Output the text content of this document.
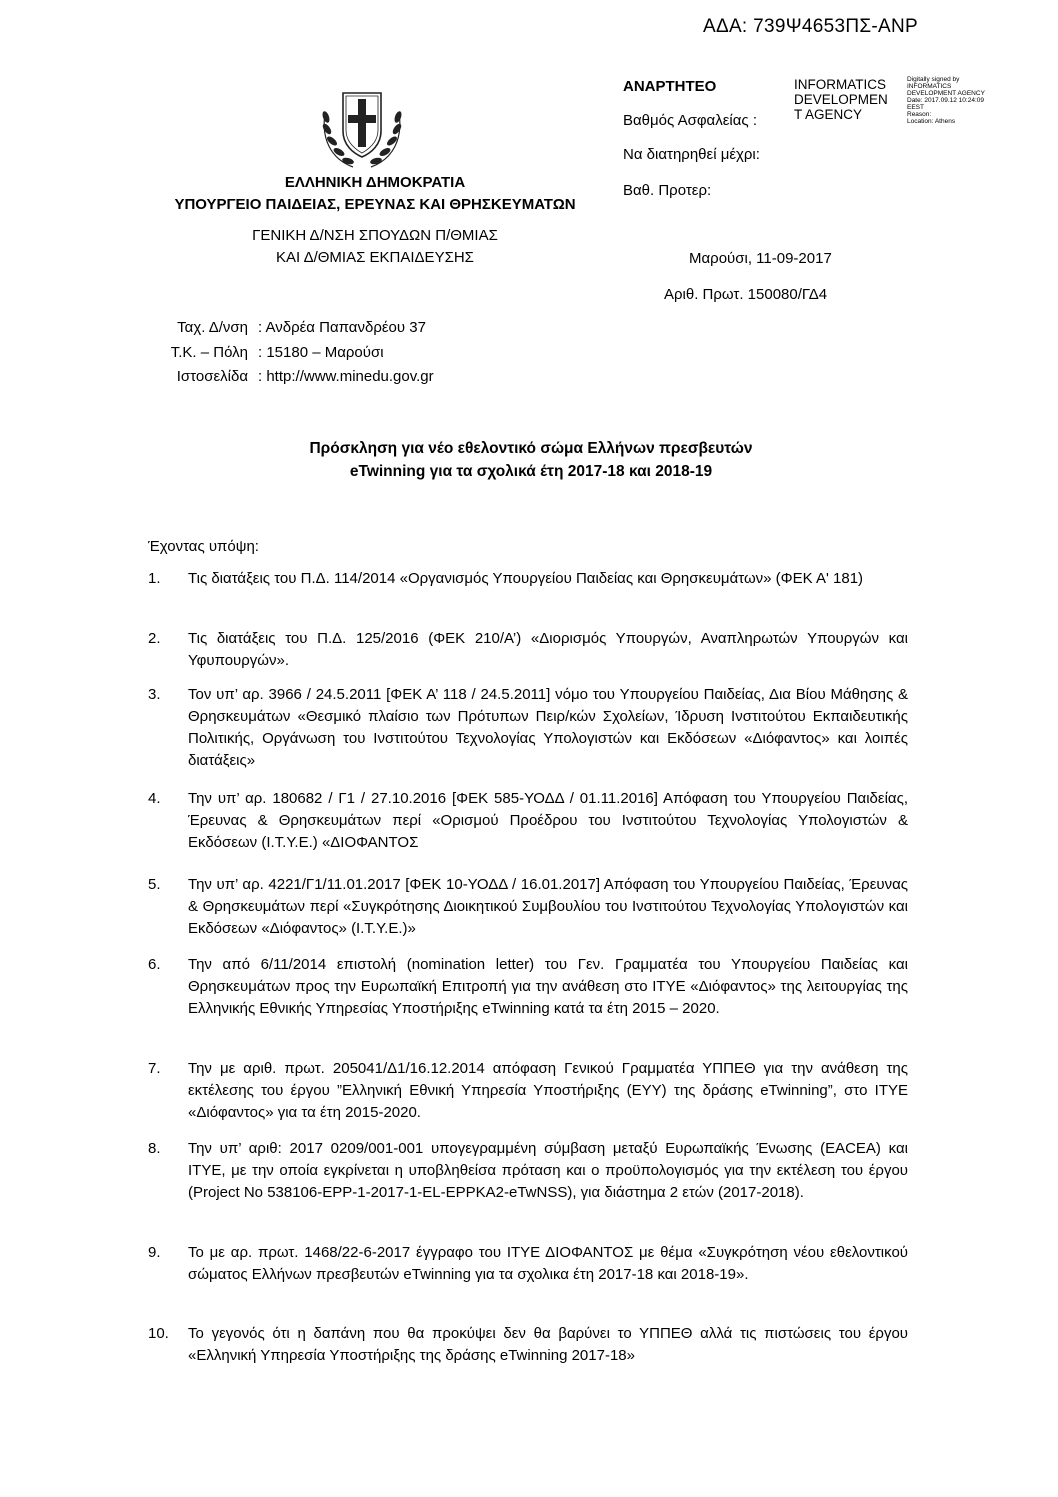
ΑΔΑ: 739Ψ4653ΠΣ-ΑΝΡ
ΕΛΛΗΝΙΚΗ ΔΗΜΟΚΡΑΤΙΑ
ΥΠΟΥΡΓΕΙΟ ΠΑΙΔΕΙΑΣ, ΕΡΕΥΝΑΣ ΚΑΙ ΘΡΗΣΚΕΥΜΑΤΩΝ
ΓΕΝΙΚΗ Δ/ΝΣΗ ΣΠΟΥΔΩΝ Π/ΘΜΙΑΣ
ΚΑΙ Δ/ΘΜΙΑΣ ΕΚΠΑΙΔΕΥΣΗΣ
ΑΝΑΡΤΗΤΕΟ
Βαθμός Ασφαλείας :
Να διατηρηθεί μέχρι:
Βαθ. Προτερ:
Μαρούσι, 11-09-2017
Αριθ. Πρωτ. 150080/ΓΔ4
INFORMATICS
DEVELOPMEN
T AGENCY
Digitally signed by
INFORMATICS
DEVELOPMENT AGENCY
Date: 2017.09.12 10:24:09
EEST
Reason:
Location: Athens
Ταχ. Δ/νση : Ανδρέα Παπανδρέου 37
Τ.Κ. – Πόλη : 15180 – Μαρούσι
Ιστοσελίδα : http://www.minedu.gov.gr
Πρόσκληση για νέο εθελοντικό σώμα Ελλήνων πρεσβευτών
eTwinning για τα σχολικά έτη 2017-18 και 2018-19
Έχοντας υπόψη:
1.	Τις διατάξεις του Π.Δ. 114/2014 «Οργανισμός Υπουργείου Παιδείας και Θρησκευμάτων» (ΦΕΚ Α' 181)
2.	Τις διατάξεις του Π.Δ. 125/2016 (ΦΕΚ 210/Α’) «Διορισμός Υπουργών, Αναπληρωτών Υπουργών και Υφυπουργών».
3.	Τον υπ’ αρ. 3966 / 24.5.2011 [ΦΕΚ Α’ 118 / 24.5.2011] νόμο του Υπουργείου Παιδείας, Δια Βίου Μάθησης & Θρησκευμάτων «Θεσμικό πλαίσιο των Πρότυπων Πειρ/κών Σχολείων, Ίδρυση Ινστιτούτου Εκπαιδευτικής Πολιτικής, Οργάνωση του Ινστιτούτου Τεχνολογίας Υπολογιστών και Εκδόσεων «Διόφαντος» και λοιπές διατάξεις»
4.	Την υπ’ αρ. 180682 / Γ1 / 27.10.2016 [ΦΕΚ 585-ΥΟΔΔ / 01.11.2016] Απόφαση του Υπουργείου Παιδείας, Έρευνας & Θρησκευμάτων περί «Ορισμού Προέδρου του Ινστιτούτου Τεχνολογίας Υπολογιστών & Εκδόσεων (Ι.Τ.Υ.Ε.) «ΔΙΟΦΑΝΤΟΣ
5.	Την υπ’ αρ. 4221/Γ1/11.01.2017 [ΦΕΚ 10-ΥΟΔΔ / 16.01.2017] Απόφαση του Υπουργείου Παιδείας, Έρευνας & Θρησκευμάτων περί «Συγκρότησης Διοικητικού Συμβουλίου του Ινστιτούτου Τεχνολογίας Υπολογιστών και Εκδόσεων «Διόφαντος» (Ι.Τ.Υ.Ε.)»
6.	Την από 6/11/2014 επιστολή (nomination letter) του Γεν. Γραμματέα του Υπουργείου Παιδείας και Θρησκευμάτων προς την Ευρωπαϊκή Επιτροπή για την ανάθεση στο ΙΤΥΕ «Διόφαντος» της λειτουργίας της Ελληνικής Εθνικής Υπηρεσίας Υποστήριξης eTwinning κατά τα έτη 2015 – 2020.
7.	Την με αριθ. πρωτ. 205041/Δ1/16.12.2014 απόφαση Γενικού Γραμματέα ΥΠΠΕΘ για την ανάθεση της εκτέλεσης του έργου ”Ελληνική Εθνική Υπηρεσία Υποστήριξης (ΕΥΥ) της δράσης eTwinning”, στο ΙΤΥΕ «Διόφαντος» για τα έτη 2015-2020.
8.	Την υπ’ αριθ: 2017 0209/001-001 υπογεγραμμένη σύμβαση μεταξύ Ευρωπαϊκής Ένωσης (EACEA) και ΙΤΥΕ, με την οποία εγκρίνεται η υποβληθείσα πρόταση και ο προϋπολογισμός για την εκτέλεση του έργου (Project No 538106-EPP-1-2017-1-EL-EPPKA2-eTwNSS), για διάστημα 2 ετών (2017-2018).
9.	Το με αρ. πρωτ. 1468/22-6-2017 έγγραφο του ΙΤΥΕ ΔΙΟΦΑΝΤΟΣ με θέμα «Συγκρότηση νέου εθελοντικού σώματος Ελλήνων πρεσβευτών eTwinning για τα σχολικα έτη 2017-18 και 2018-19».
10.	Το γεγονός ότι η δαπάνη που θα προκύψει δεν θα βαρύνει το ΥΠΠΕΘ αλλά τις πιστώσεις του έργου «Ελληνική Υπηρεσία Υποστήριξης της δράσης eTwinning 2017-18»
